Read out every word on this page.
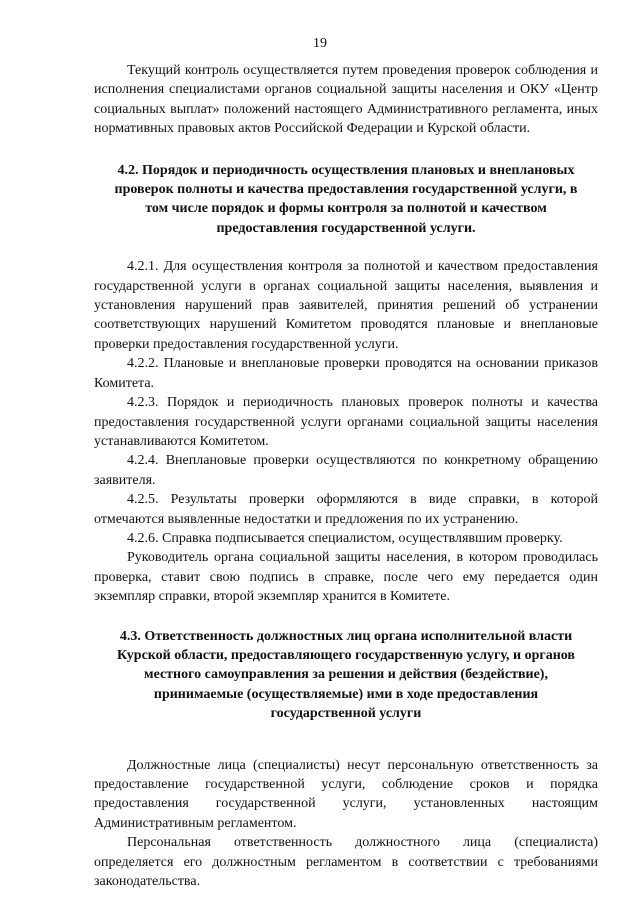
19

Текущий контроль осуществляется путем проведения проверок соблюдения и исполнения специалистами органов социальной защиты населения и ОКУ «Центр социальных выплат» положений настоящего Административного регламента, иных нормативных правовых актов Российской Федерации и Курской области.

4.2. Порядок и периодичность осуществления плановых и внеплановых проверок полноты и качества предоставления государственной услуги, в том числе порядок и формы контроля за полнотой и качеством предоставления государственной услуги.

4.2.1. Для осуществления контроля за полнотой и качеством предоставления государственной услуги в органах социальной защиты населения, выявления и установления нарушений прав заявителей, принятия решений об устранении соответствующих нарушений Комитетом проводятся плановые и внеплановые проверки предоставления государственной услуги.

4.2.2. Плановые и внеплановые проверки проводятся на основании приказов Комитета.

4.2.3. Порядок и периодичность плановых проверок полноты и качества предоставления государственной услуги органами социальной защиты населения устанавливаются Комитетом.

4.2.4. Внеплановые проверки осуществляются по конкретному обращению заявителя.

4.2.5. Результаты проверки оформляются в виде справки, в которой отмечаются выявленные недостатки и предложения по их устранению.

4.2.6. Справка подписывается специалистом, осуществлявшим проверку.

Руководитель органа социальной защиты населения, в котором проводилась проверка, ставит свою подпись в справке, после чего ему передается один экземпляр справки, второй экземпляр хранится в Комитете.

4.3. Ответственность должностных лиц органа исполнительной власти Курской области, предоставляющего государственную услугу, и органов местного самоуправления за решения и действия (бездействие), принимаемые (осуществляемые) ими в ходе предоставления государственной услуги

Должностные лица (специалисты) несут персональную ответственность за предоставление государственной услуги, соблюдение сроков и порядка предоставления государственной услуги, установленных настоящим Административным регламентом.

Персональная ответственность должностного лица (специалиста) определяется его должностным регламентом в соответствии с требованиями законодательства.
